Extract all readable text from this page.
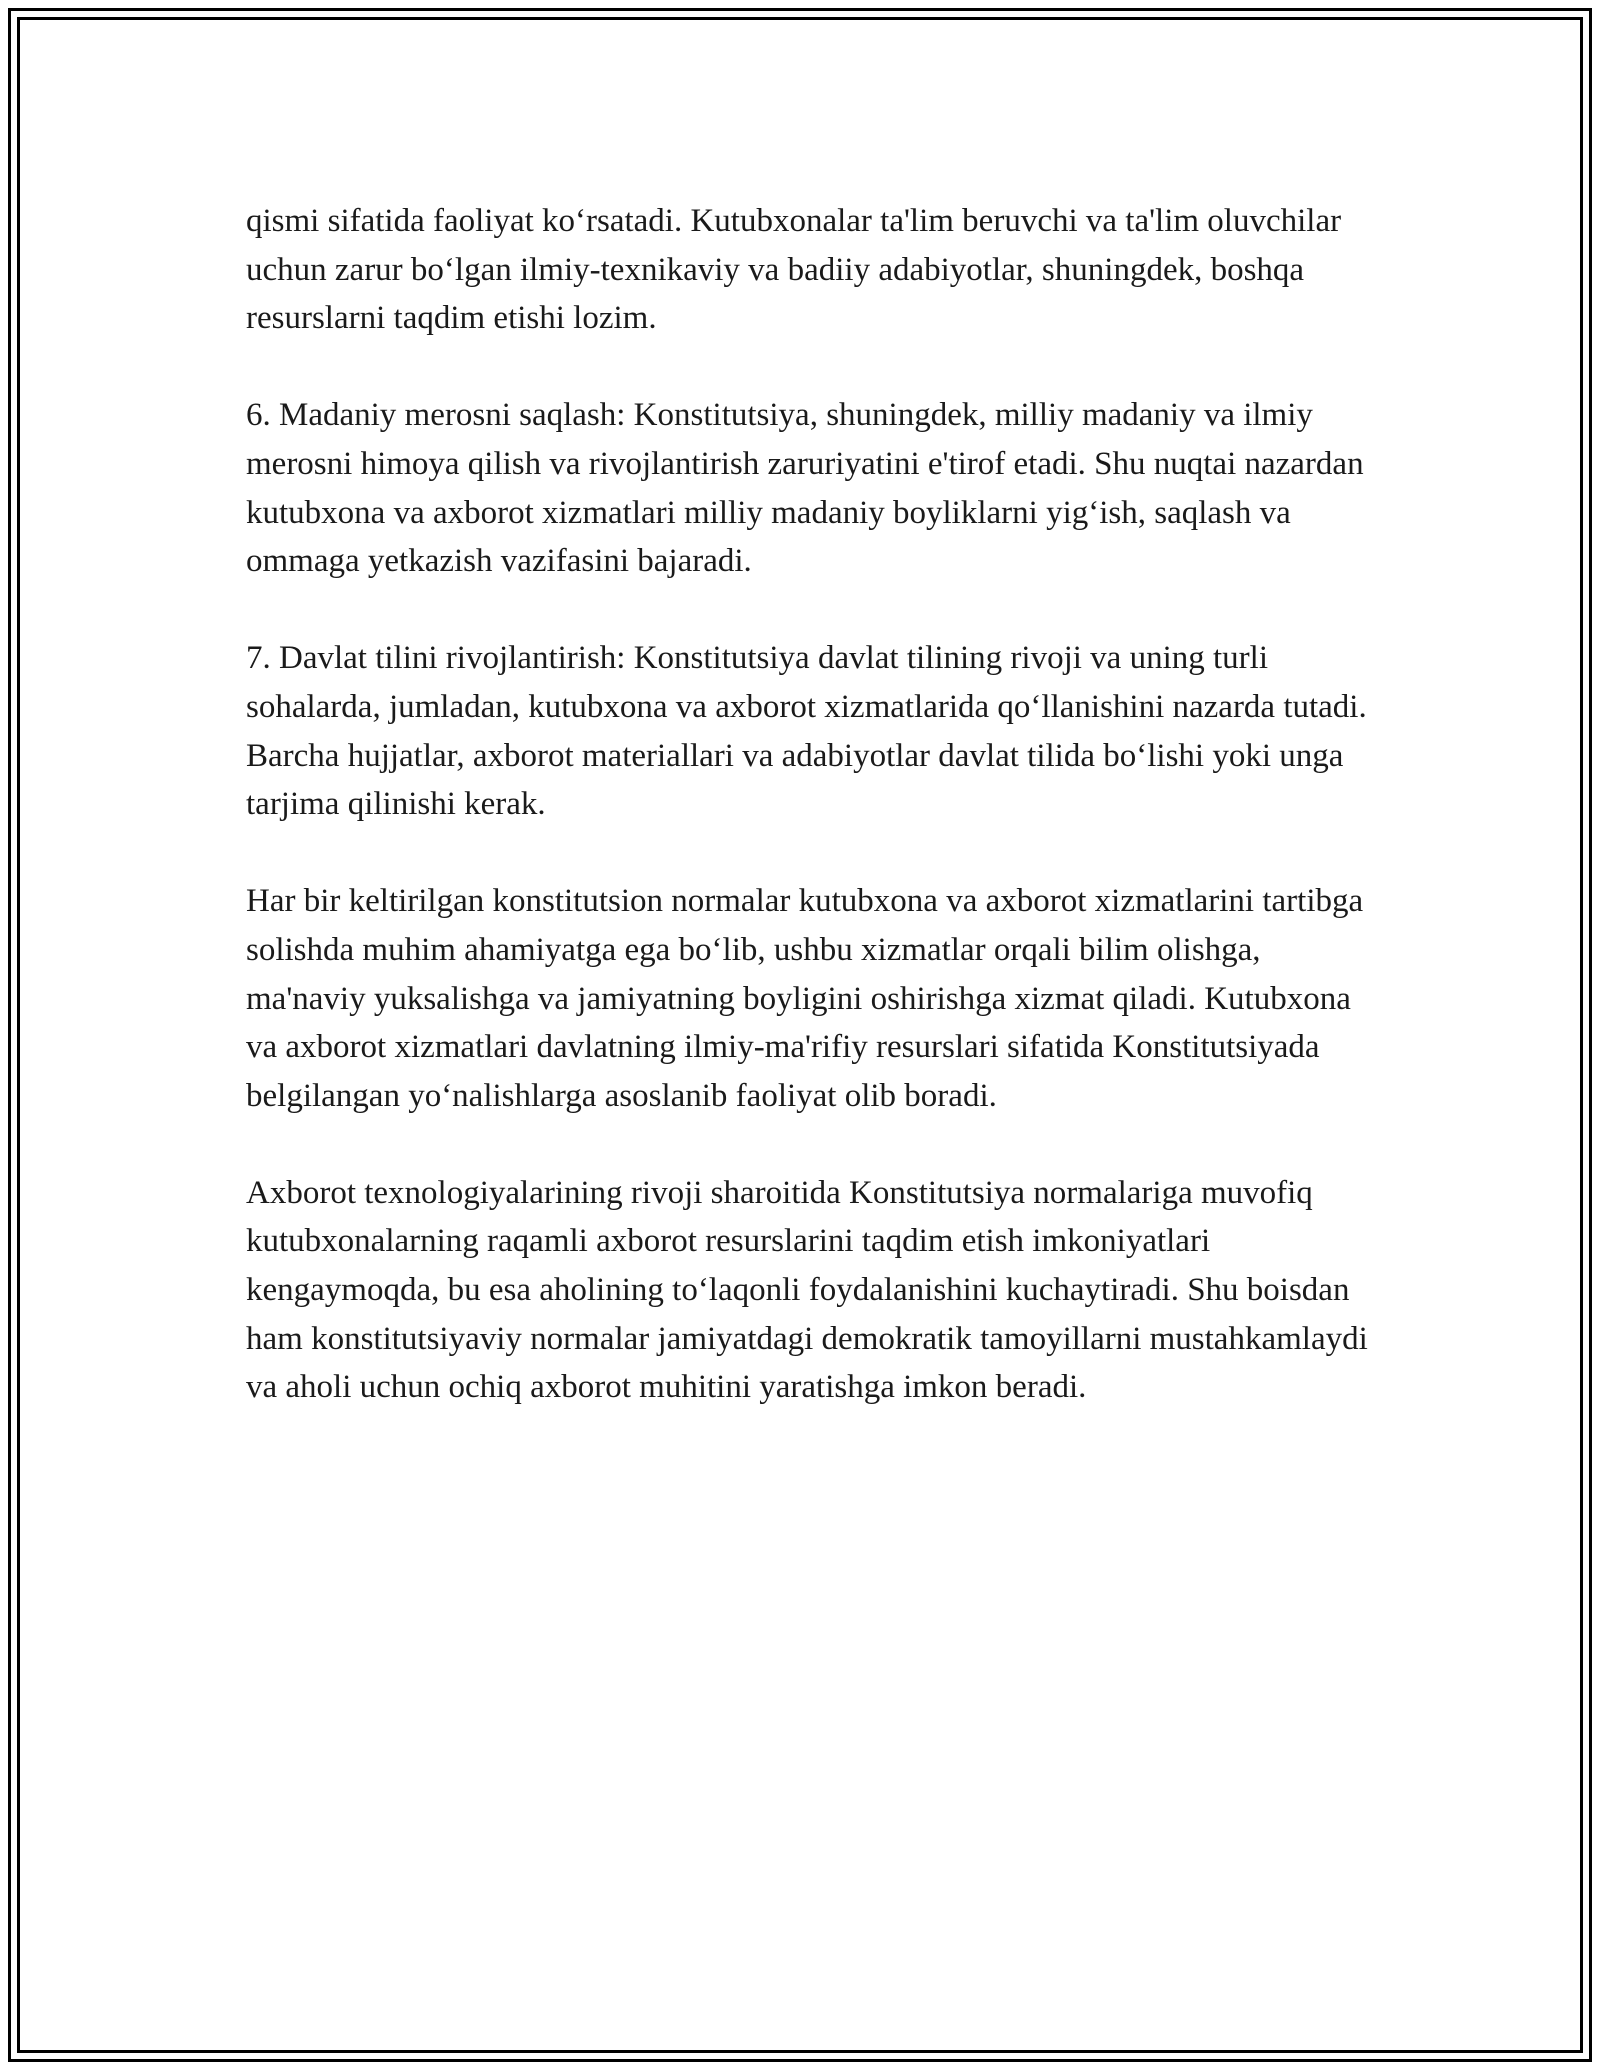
qismi sifatida faoliyat ko‘rsatadi. Kutubxonalar ta'lim beruvchi va ta'lim oluvchilar uchun zarur bo‘lgan ilmiy-texnikaviy va badiiy adabiyotlar, shuningdek, boshqa resurslarni taqdim etishi lozim.

6. Madaniy merosni saqlash: Konstitutsiya, shuningdek, milliy madaniy va ilmiy merosni himoya qilish va rivojlantirish zaruriyatini e'tirof etadi. Shu nuqtai nazardan kutubxona va axborot xizmatlari milliy madaniy boyliklarni yig‘ish, saqlash va ommaga yetkazish vazifasini bajaradi.

7. Davlat tilini rivojlantirish: Konstitutsiya davlat tilining rivoji va uning turli sohalarda, jumladan, kutubxona va axborot xizmatlarida qo‘llanishini nazarda tutadi. Barcha hujjatlar, axborot materiallari va adabiyotlar davlat tilida bo‘lishi yoki unga tarjima qilinishi kerak.

Har bir keltirilgan konstitutsion normalar kutubxona va axborot xizmatlarini tartibga solishda muhim ahamiyatga ega bo‘lib, ushbu xizmatlar orqali bilim olishga, ma'naviy yuksalishga va jamiyatning boyligini oshirishga xizmat qiladi. Kutubxona va axborot xizmatlari davlatning ilmiy-ma'rifiy resurslari sifatida Konstitutsiyada belgilangan yo‘nalishlarga asoslanib faoliyat olib boradi.

Axborot texnologiyalarining rivoji sharoitida Konstitutsiya normalariga muvofiq kutubxonalarning raqamli axborot resurslarini taqdim etish imkoniyatlari kengaymoqda, bu esa aholining to‘laqonli foydalanishini kuchaytiradi. Shu boisdan ham konstitutsiyaviy normalar jamiyatdagi demokratik tamoyillarni mustahkamlaydi va aholi uchun ochiq axborot muhitini yaratishga imkon beradi.
